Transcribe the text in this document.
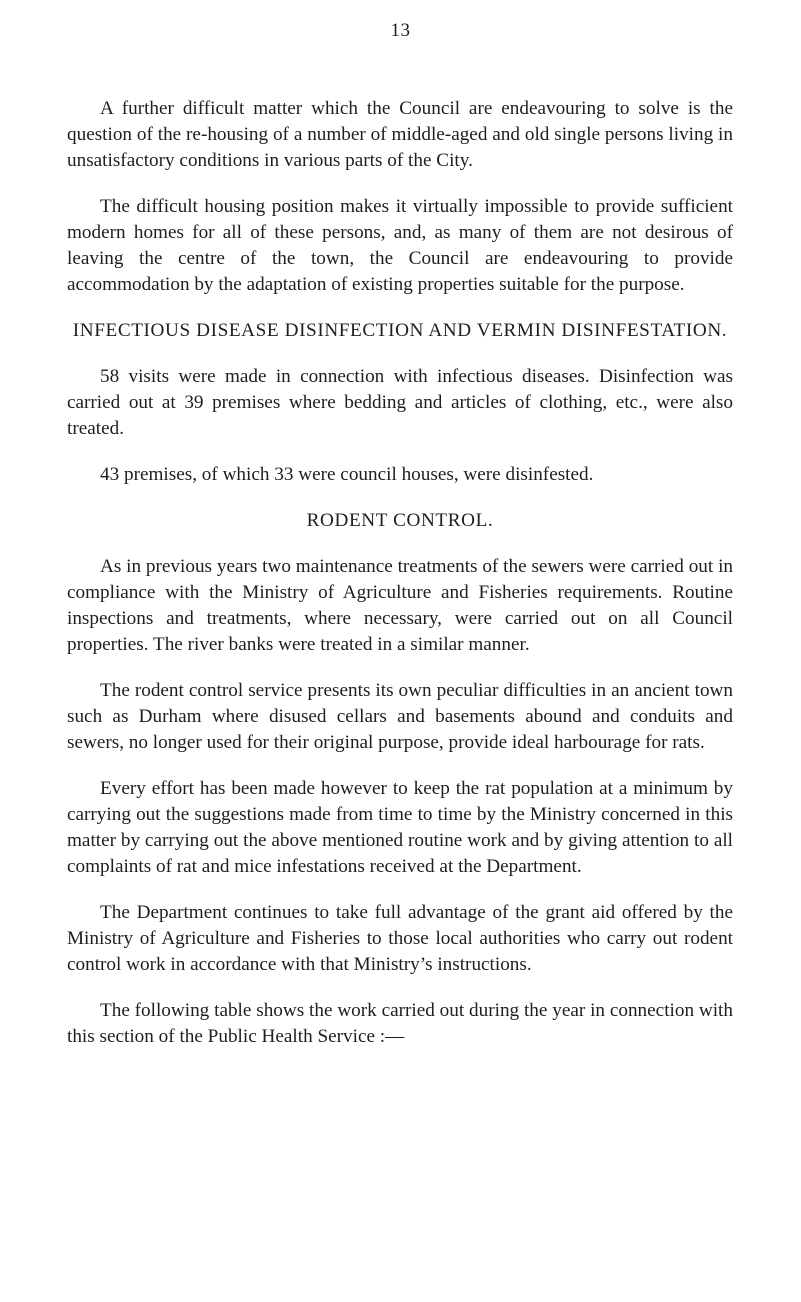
13

A further difficult matter which the Council are endeavouring to solve is the question of the re-housing of a number of middle-aged and old single persons living in unsatisfactory conditions in various parts of the City.

The difficult housing position makes it virtually impossible to provide sufficient modern homes for all of these persons, and, as many of them are not desirous of leaving the centre of the town, the Council are endeavouring to provide accommodation by the adaptation of existing properties suitable for the purpose.

INFECTIOUS DISEASE DISINFECTION AND VERMIN DISINFESTATION.

58 visits were made in connection with infectious diseases. Disinfection was carried out at 39 premises where bedding and articles of clothing, etc., were also treated.

43 premises, of which 33 were council houses, were disinfested.

RODENT CONTROL.

As in previous years two maintenance treatments of the sewers were carried out in compliance with the Ministry of Agriculture and Fisheries requirements. Routine inspections and treatments, where necessary, were carried out on all Council properties. The river banks were treated in a similar manner.

The rodent control service presents its own peculiar difficulties in an ancient town such as Durham where disused cellars and basements abound and conduits and sewers, no longer used for their original purpose, provide ideal harbourage for rats.

Every effort has been made however to keep the rat population at a minimum by carrying out the suggestions made from time to time by the Ministry concerned in this matter by carrying out the above mentioned routine work and by giving attention to all complaints of rat and mice infestations received at the Department.

The Department continues to take full advantage of the grant aid offered by the Ministry of Agriculture and Fisheries to those local authorities who carry out rodent control work in accordance with that Ministry’s instructions.

The following table shows the work carried out during the year in connection with this section of the Public Health Service :—
